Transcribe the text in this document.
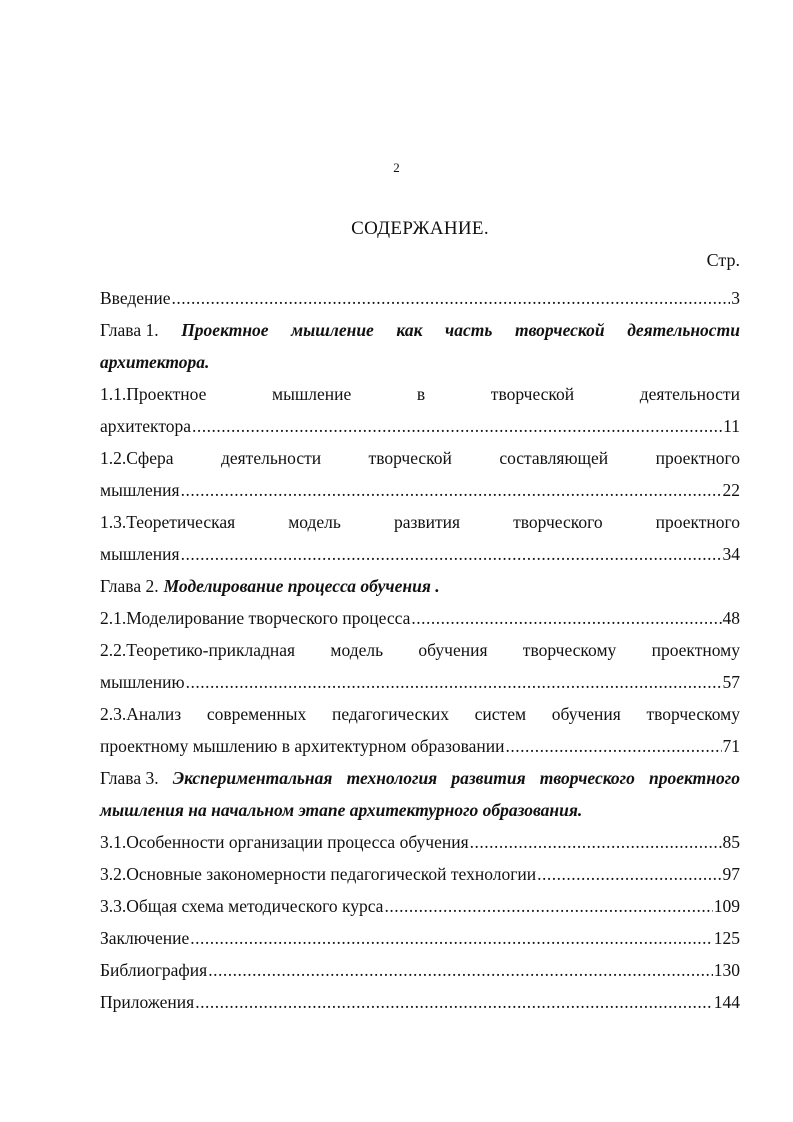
2
СОДЕРЖАНИЕ.
Стр.
Введение .....	3
Глава 1. Проектное мышление как часть творческой деятельности
архитектора.
1.1.Проектное	мышление	в	творческой	деятельности
архитектора .....	11
1.2.Сфера	деятельности	творческой	составляющей	проектного
мышления .....	22
1.3.Теоретическая	модель	развития	творческого	проектного
мышления .....	34
Глава 2. Моделирование процесса обучения .
2.1.Моделирование творческого процесса .....	48
2.2.Теоретико-прикладная модель обучения творческому проектному
мышлению .....	57
2.3.Анализ современных педагогических систем обучения творческому
проектному мышлению в архитектурном образовании .....	71
Глава 3. Экспериментальная технология развития творческого проектного
мышления на начальном этапе архитектурного образования.
3.1.Особенности организации процесса обучения .....	85
3.2.Основные закономерности педагогической технологии .....	97
3.3.Общая схема методического курса .....	109
Заключение .....	125
Библиография .....	130
Приложения .....	144
